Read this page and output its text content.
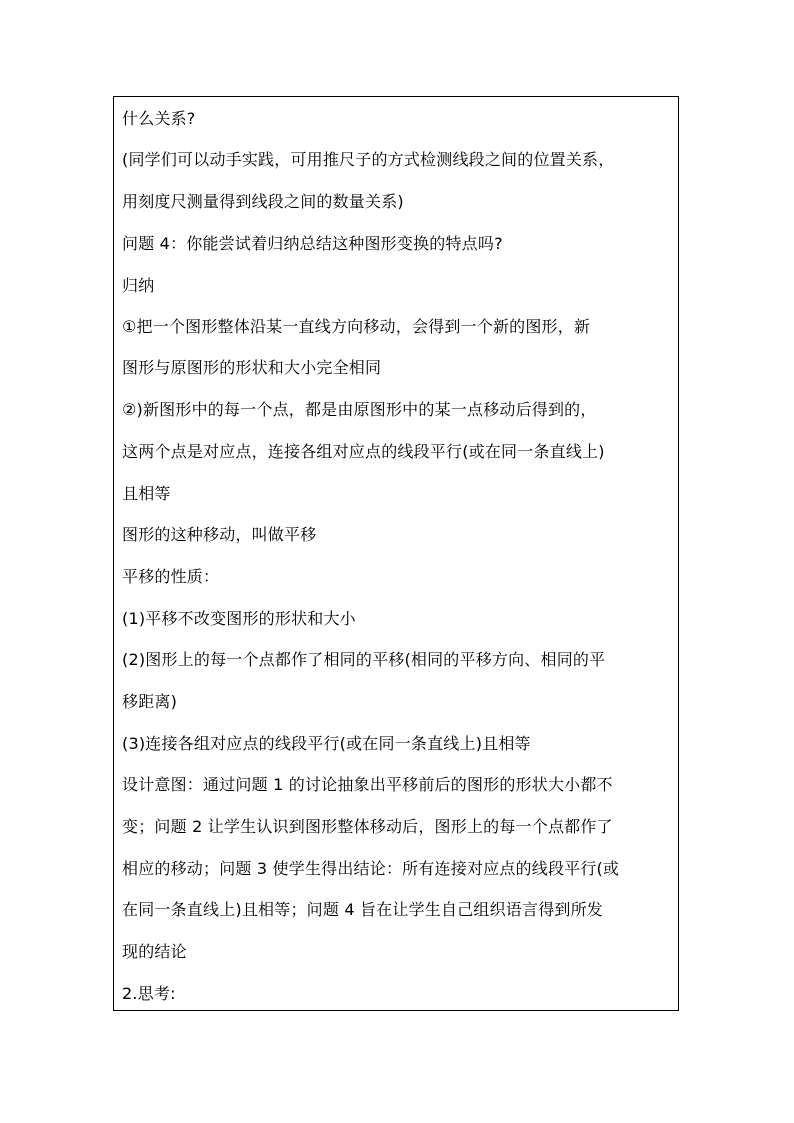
什么关系?
(同学们可以动手实践，可用推尺子的方式检测线段之间的位置关系，
用刻度尺测量得到线段之间的数量关系)
问题 4：你能尝试着归纳总结这种图形变换的特点吗?
归纳
①把一个图形整体沿某一直线方向移动，会得到一个新的图形，新
图形与原图形的形状和大小完全相同
②)新图形中的每一个点，都是由原图形中的某一点移动后得到的，
这两个点是对应点，连接各组对应点的线段平行(或在同一条直线上)
且相等
图形的这种移动，叫做平移
平移的性质：
(1)平移不改变图形的形状和大小
(2)图形上的每一个点都作了相同的平移(相同的平移方向、相同的平
移距离)
(3)连接各组对应点的线段平行(或在同一条直线上)且相等
设计意图：通过问题 1 的讨论抽象出平移前后的图形的形状大小都不
变；问题 2 让学生认识到图形整体移动后，图形上的每一个点都作了
相应的移动；问题 3 使学生得出结论：所有连接对应点的线段平行(或
在同一条直线上)且相等；问题 4 旨在让学生自己组织语言得到所发
现的结论
2.思考:
